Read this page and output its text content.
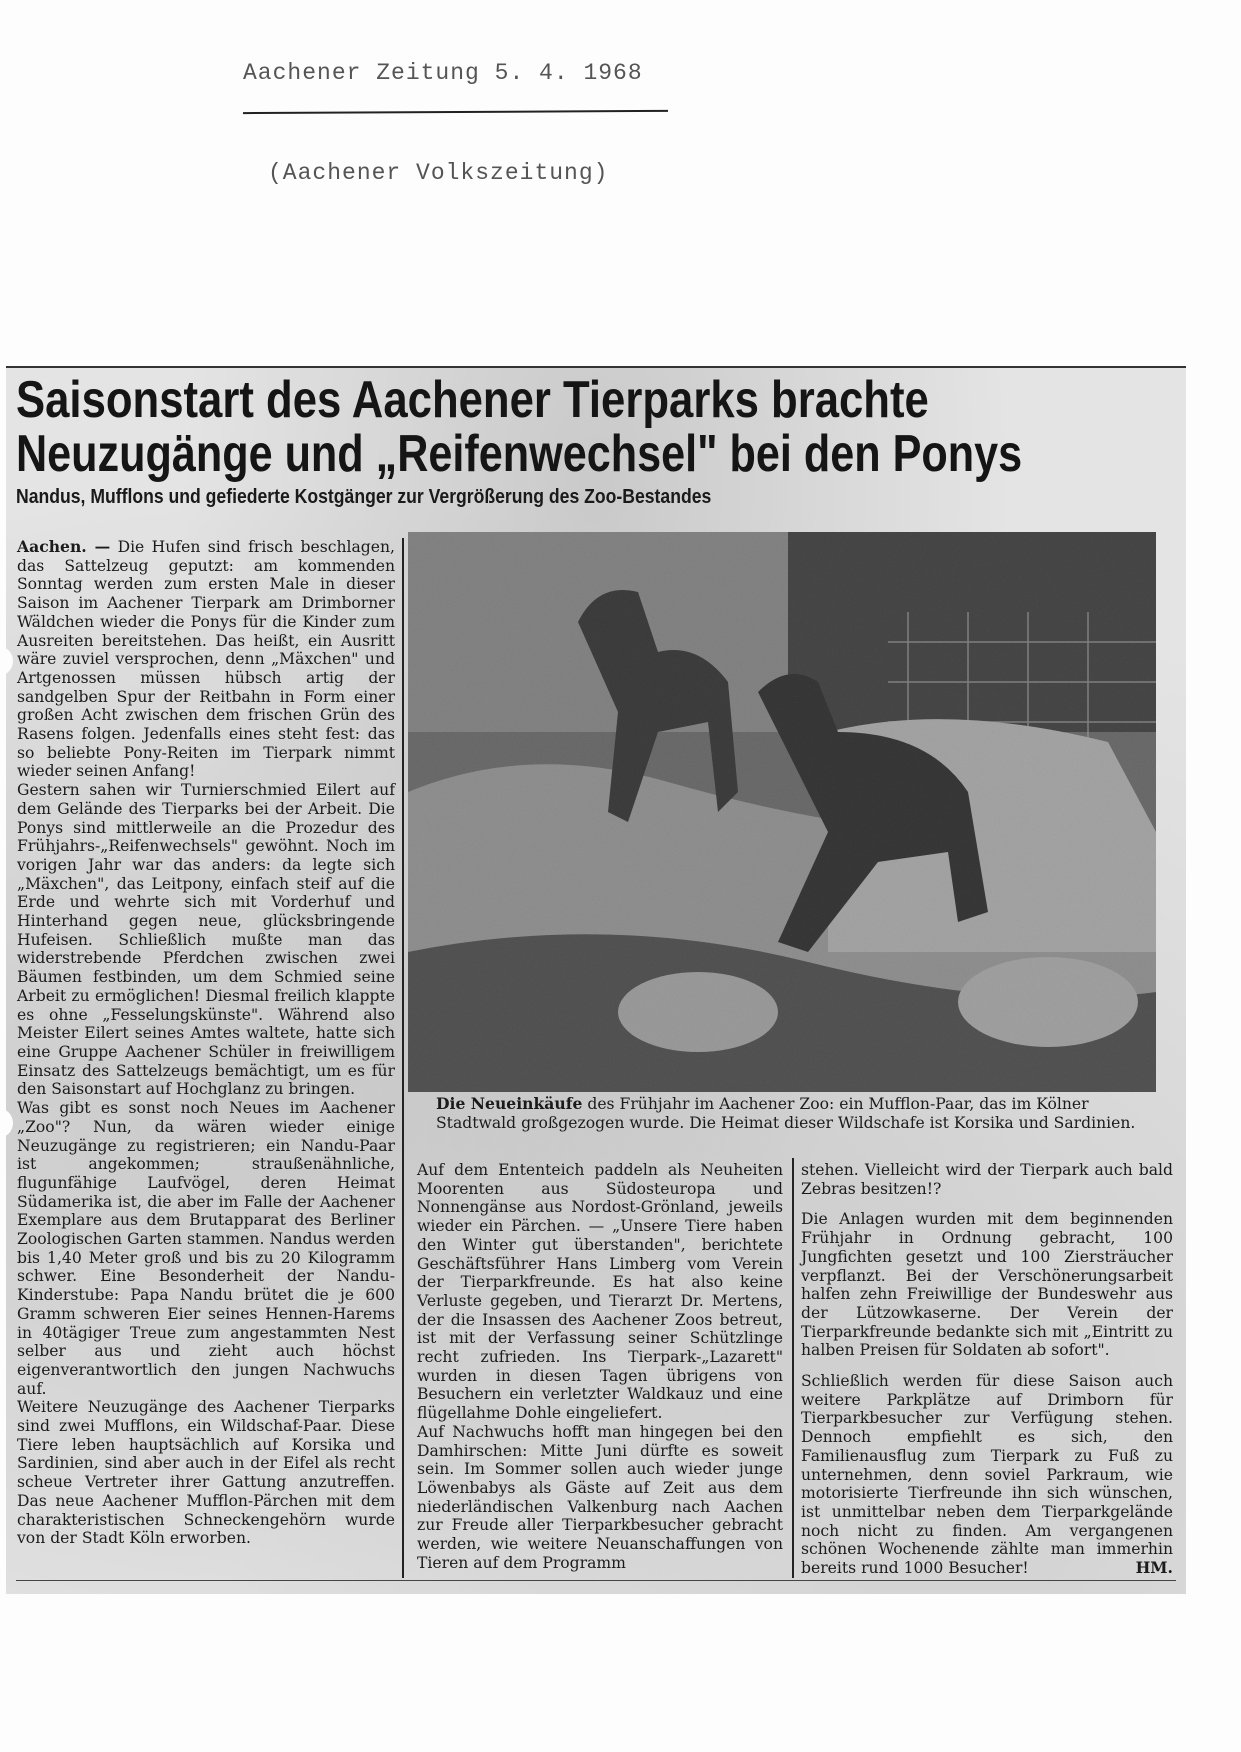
Aachener Zeitung 5. 4. 1968
(Aachener Volkszeitung)
Saisonstart des Aachener Tierparks brachte
Neuzugänge und „Reifenwechsel" bei den Ponys
Nandus, Mufflons und gefiederte Kostgänger zur Vergrößerung des Zoo-Bestandes

Aachen. — Die Hufen sind frisch beschlagen, das Sattelzeug geputzt: am kommenden Sonntag werden zum ersten Male in dieser Saison im Aachener Tierpark am Drimborner Wäldchen wieder die Ponys für die Kinder zum Ausreiten bereitstehen. Das heißt, ein Ausritt wäre zuviel versprochen, denn „Mäxchen" und Artgenossen müssen hübsch artig der sandgelben Spur der Reitbahn in Form einer großen Acht zwischen dem frischen Grün des Rasens folgen. Jedenfalls eines steht fest: das so beliebte Pony-Reiten im Tierpark nimmt wieder seinen Anfang!

Gestern sahen wir Turnierschmied Eilert auf dem Gelände des Tierparks bei der Arbeit. Die Ponys sind mittlerweile an die Prozedur des Frühjahrs-„Reifenwechsels" gewöhnt. Noch im vorigen Jahr war das anders: da legte sich „Mäxchen", das Leitpony, einfach steif auf die Erde und wehrte sich mit Vorderhuf und Hinterhand gegen neue, glücksbringende Hufeisen. Schließlich mußte man das widerstrebende Pferdchen zwischen zwei Bäumen festbinden, um dem Schmied seine Arbeit zu ermöglichen! Diesmal freilich klappte es ohne „Fesselungskünste". Während also Meister Eilert seines Amtes waltete, hatte sich eine Gruppe Aachener Schüler in freiwilligem Einsatz des Sattelzeugs bemächtigt, um es für den Saisonstart auf Hochglanz zu bringen.

Was gibt es sonst noch Neues im Aachener „Zoo"? Nun, da wären wieder einige Neuzugänge zu registrieren; ein Nandu-Paar ist angekommen; straußenähnliche, flugunfähige Laufvögel, deren Heimat Südamerika ist, die aber im Falle der Aachener Exemplare aus dem Brutapparat des Berliner Zoologischen Garten stammen. Nandus werden bis 1,40 Meter groß und bis zu 20 Kilogramm schwer. Eine Besonderheit der Nandu-Kinderstube: Papa Nandu brütet die je 600 Gramm schweren Eier seines Hennen-Harems in 40tägiger Treue zum angestammten Nest selber aus und zieht auch höchst eigenverantwortlich den jungen Nachwuchs auf.

Weitere Neuzugänge des Aachener Tierparks sind zwei Mufflons, ein Wildschaf-Paar. Diese Tiere leben hauptsächlich auf Korsika und Sardinien, sind aber auch in der Eifel als recht scheue Vertreter ihrer Gattung anzutreffen. Das neue Aachener Mufflon-Pärchen mit dem charakteristischen Schneckengehörn wurde von der Stadt Köln erworben.

Die Neueinkäufe des Frühjahr im Aachener Zoo: ein Mufflon-Paar, das im Kölner Stadtwald großgezogen wurde. Die Heimat dieser Wildschafe ist Korsika und Sardinien.

Auf dem Ententeich paddeln als Neuheiten Moorenten aus Südosteuropa und Nonnengänse aus Nordost-Grönland, jeweils wieder ein Pärchen. — „Unsere Tiere haben den Winter gut überstanden", berichtete Geschäftsführer Hans Limberg vom Verein der Tierparkfreunde. Es hat also keine Verluste gegeben, und Tierarzt Dr. Mertens, der die Insassen des Aachener Zoos betreut, ist mit der Verfassung seiner Schützlinge recht zufrieden. Ins Tierpark-„Lazarett" wurden in diesen Tagen übrigens von Besuchern ein verletzter Waldkauz und eine flügellahme Dohle eingeliefert.

Auf Nachwuchs hofft man hingegen bei den Damhirschen: Mitte Juni dürfte es soweit sein. Im Sommer sollen auch wieder junge Löwenbabys als Gäste auf Zeit aus dem niederländischen Valkenburg nach Aachen zur Freude aller Tierparkbesucher gebracht werden, wie weitere Neuanschaffungen von Tieren auf dem Programm

stehen. Vielleicht wird der Tierpark auch bald Zebras besitzen!?

Die Anlagen wurden mit dem beginnenden Frühjahr in Ordnung gebracht, 100 Jungfichten gesetzt und 100 Ziersträucher verpflanzt. Bei der Verschönerungsarbeit halfen zehn Freiwillige der Bundeswehr aus der Lützowkaserne. Der Verein der Tierparkfreunde bedankte sich mit „Eintritt zu halben Preisen für Soldaten ab sofort".

Schließlich werden für diese Saison auch weitere Parkplätze auf Drimborn für Tierparkbesucher zur Verfügung stehen. Dennoch empfiehlt es sich, den Familienausflug zum Tierpark zu Fuß zu unternehmen, denn soviel Parkraum, wie motorisierte Tierfreunde ihn sich wünschen, ist unmittelbar neben dem Tierparkgelände noch nicht zu finden. Am vergangenen schönen Wochenende zählte man immerhin bereits rund 1000 Besucher!	HM.
